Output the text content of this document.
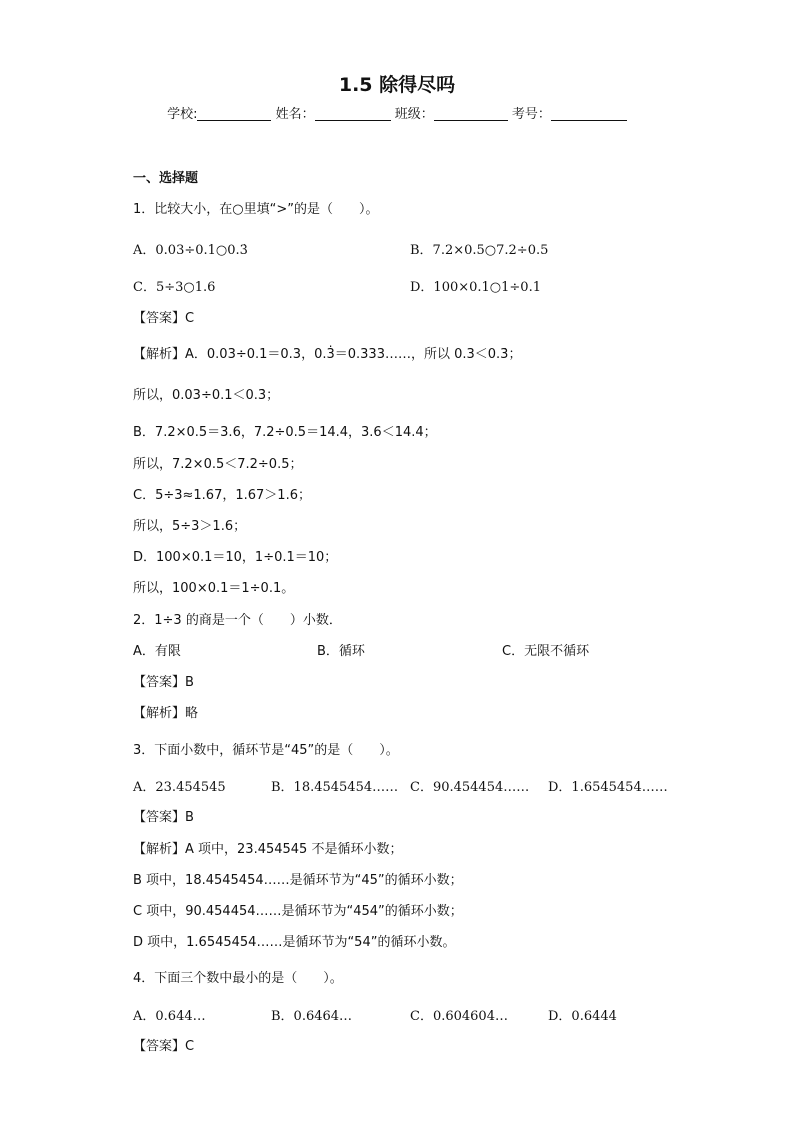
1.5 除得尽吗
学校:	姓名：	班级：	考号：
一、选择题
1．比较大小，在○里填“>”的是（　　）。
A．0.03÷0.1○0.3̇	B．7.2×0.5○7.2÷0.5
C．5÷3○1.6	D．100×0.1○1÷0.1
【答案】C
【解析】A．0.03÷0.1＝0.3，0.3̇＝0.333……，所以 0.3＜0.3̇；
所以，0.03÷0.1＜0.3̇；
B．7.2×0.5＝3.6，7.2÷0.5＝14.4，3.6＜14.4；
所以，7.2×0.5＜7.2÷0.5；
C．5÷3≈1.67，1.67＞1.6；
所以，5÷3＞1.6；
D．100×0.1＝10，1÷0.1＝10；
所以，100×0.1＝1÷0.1。
2．1÷3 的商是一个（　　）小数．
A．有限	B．循环	C．无限不循环
【答案】B
【解析】略
3．下面小数中，循环节是“45”的是（　　）。
A．23.454545	B．18.4545454…… C．90.454454…… D．1.6545454……
【答案】B
【解析】A 项中，23.454545 不是循环小数；
B 项中，18.4545454……是循环节为“45”的循环小数；
C 项中，90.454454……是循环节为“454”的循环小数；
D 项中，1.6545454……是循环节为“54”的循环小数。
4．下面三个数中最小的是（　　）。
A．0.644…	B．0.6464…	C．0.604604…	D．0.6444
【答案】C
